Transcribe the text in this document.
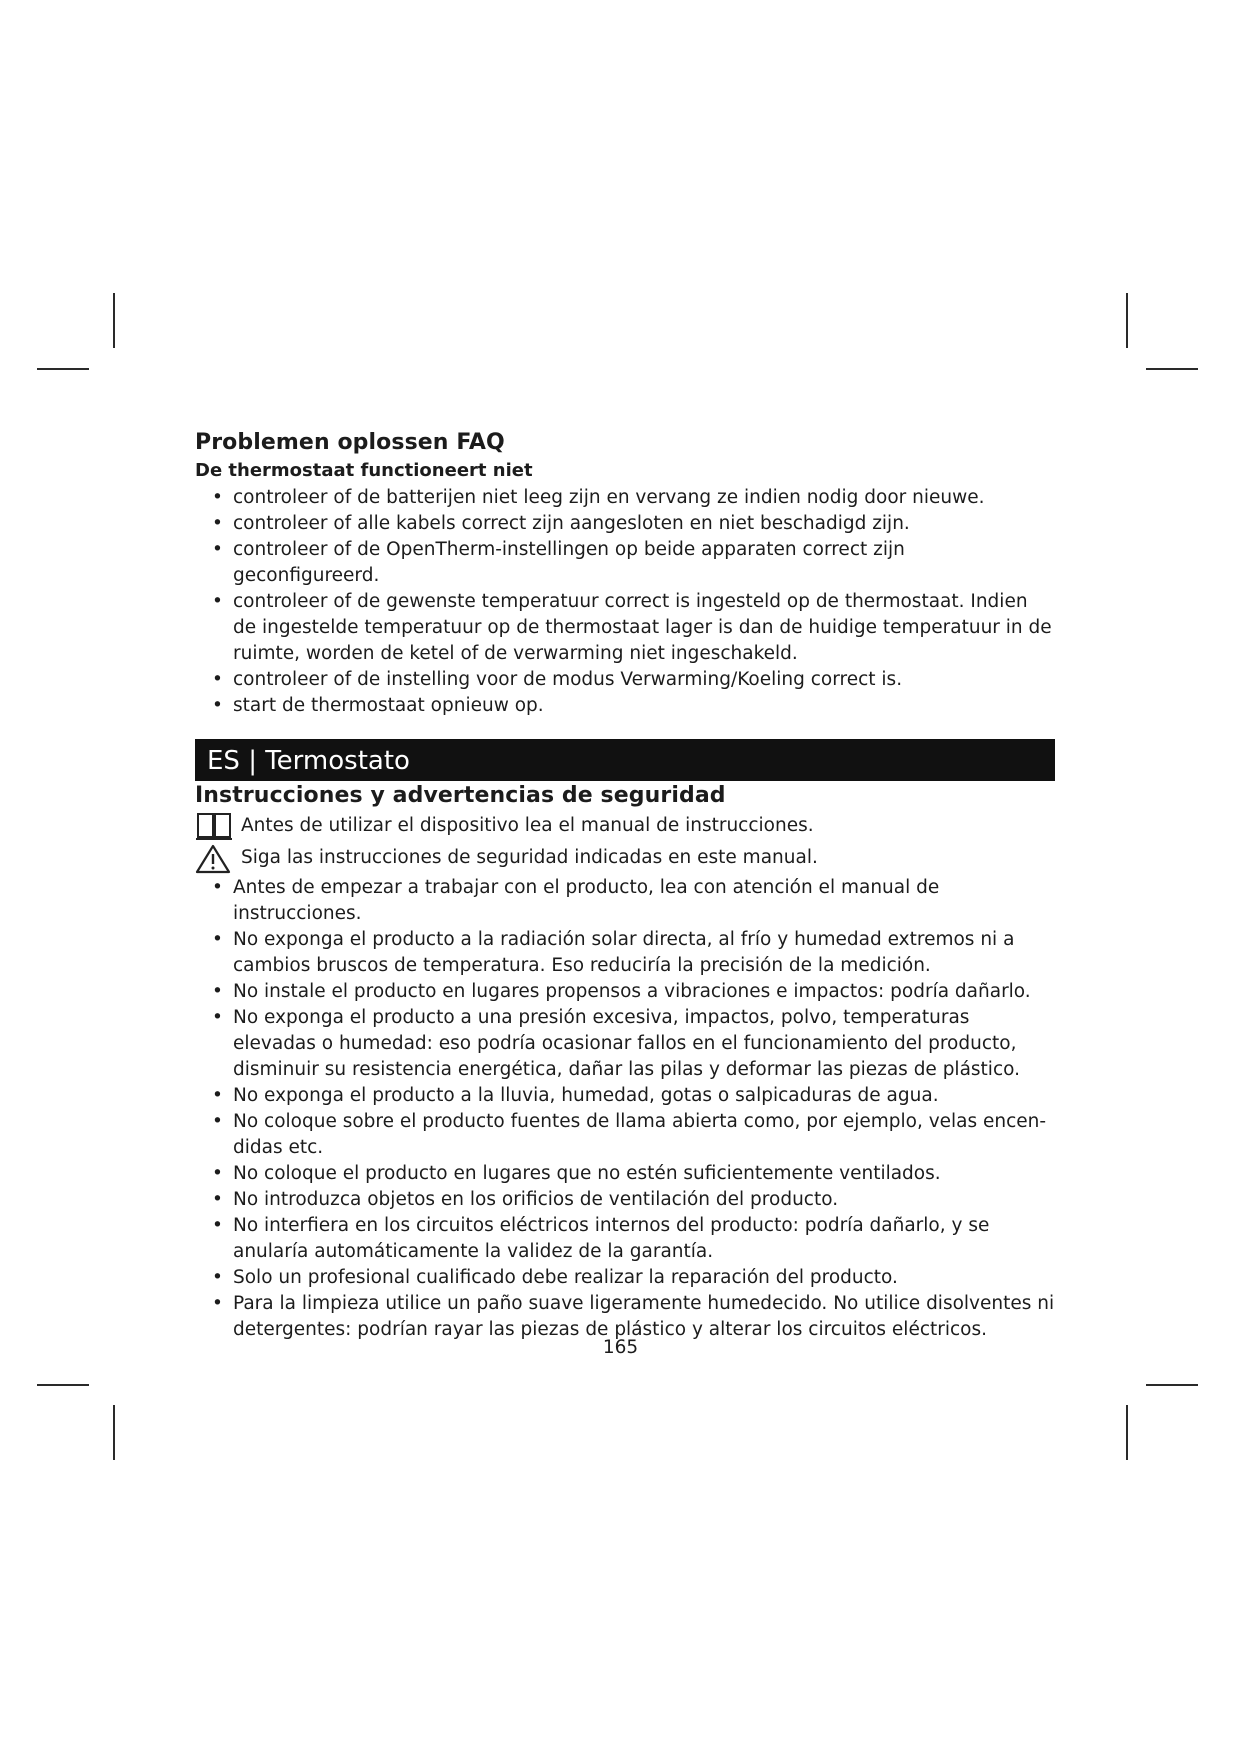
Problemen oplossen FAQ
De thermostaat functioneert niet
• controleer of de batterijen niet leeg zijn en vervang ze indien nodig door nieuwe.
• controleer of alle kabels correct zijn aangesloten en niet beschadigd zijn.
• controleer of de OpenTherm-instellingen op beide apparaten correct zijn geconfigureerd.
• controleer of de gewenste temperatuur correct is ingesteld op de thermostaat. Indien de ingestelde temperatuur op de thermostaat lager is dan de huidige temperatuur in de ruimte, worden de ketel of de verwarming niet ingeschakeld.
• controleer of de instelling voor de modus Verwarming/Koeling correct is.
• start de thermostaat opnieuw op.
ES | Termostato
Instrucciones y advertencias de seguridad
Antes de utilizar el dispositivo lea el manual de instrucciones.
Siga las instrucciones de seguridad indicadas en este manual.
• Antes de empezar a trabajar con el producto, lea con atención el manual de instrucciones.
• No exponga el producto a la radiación solar directa, al frío y humedad extremos ni a cambios bruscos de temperatura. Eso reduciría la precisión de la medición.
• No instale el producto en lugares propensos a vibraciones e impactos: podría dañarlo.
• No exponga el producto a una presión excesiva, impactos, polvo, temperaturas elevadas o humedad: eso podría ocasionar fallos en el funcionamiento del producto, disminuir su resistencia energética, dañar las pilas y deformar las piezas de plástico.
• No exponga el producto a la lluvia, humedad, gotas o salpicaduras de agua.
• No coloque sobre el producto fuentes de llama abierta como, por ejemplo, velas encen-didas etc.
• No coloque el producto en lugares que no estén suficientemente ventilados.
• No introduzca objetos en los orificios de ventilación del producto.
• No interfiera en los circuitos eléctricos internos del producto: podría dañarlo, y se anularía automáticamente la validez de la garantía.
• Solo un profesional cualificado debe realizar la reparación del producto.
• Para la limpieza utilice un paño suave ligeramente humedecido. No utilice disolventes ni detergentes: podrían rayar las piezas de plástico y alterar los circuitos eléctricos.
165
